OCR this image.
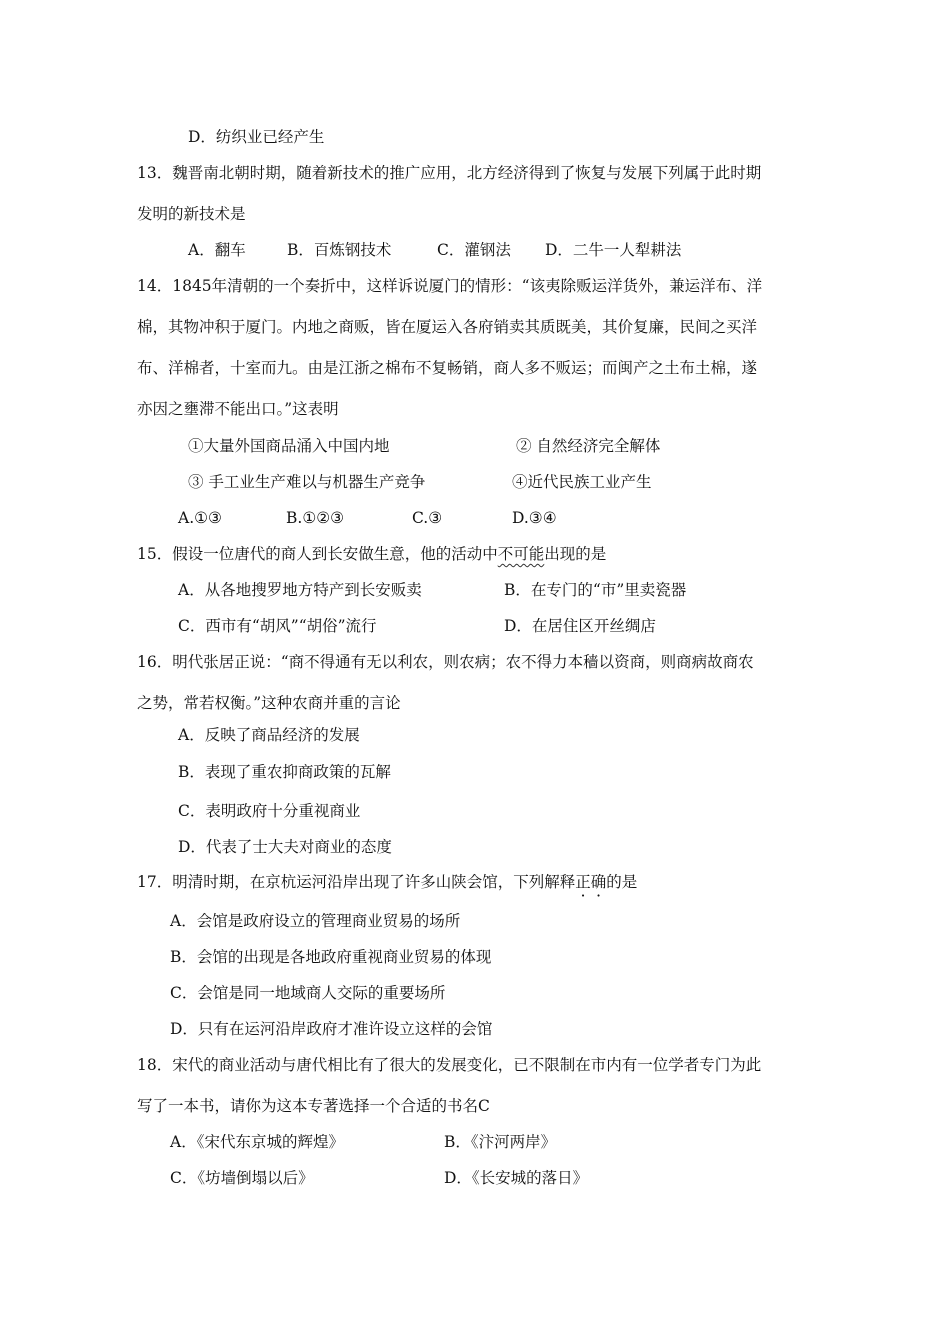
D．纺织业已经产生
13．魏晋南北朝时期，随着新技术的推广应用，北方经济得到了恢复与发展下列属于此时期
发明的新技术是
A．翻车	B．百炼钢技术	C．灌钢法 D．二牛一人犁耕法
14．1845年清朝的一个奏折中，这样诉说厦门的情形：“该夷除贩运洋货外，兼运洋布、洋
棉，其物冲积于厦门。内地之商贩，皆在厦运入各府销卖其质既美，其价复廉，民间之买洋
布、洋棉者，十室而九。由是江浙之棉布不复畅销，商人多不贩运；而闽产之土布土棉，遂
亦因之壅滞不能出口。”这表明
①大量外国商品涌入中国内地	② 自然经济完全解体
③ 手工业生产难以与机器生产竞争	④近代民族工业产生
A.①③	B.①②③	C.③	D.③④
15．假设一位唐代的商人到长安做生意，他的活动中不可能出现的是
A．从各地搜罗地方特产到长安贩卖	B．在专门的“市”里卖瓷器
C．西市有“胡风”“胡俗”流行	D．在居住区开丝绸店
16．明代张居正说：“商不得通有无以利农，则农病；农不得力本穑以资商，则商病故商农
之势，常若权衡。”这种农商并重的言论
A．反映了商品经济的发展
B．表现了重农抑商政策的瓦解
C．表明政府十分重视商业
D．代表了士大夫对商业的态度
17．明清时期，在京杭运河沿岸出现了许多山陕会馆，下列解释正确的是
A．会馆是政府设立的管理商业贸易的场所
B．会馆的出现是各地政府重视商业贸易的体现
C．会馆是同一地域商人交际的重要场所
D．只有在运河沿岸政府才准许设立这样的会馆
18．宋代的商业活动与唐代相比有了很大的发展变化，已不限制在市内有一位学者专门为此
写了一本书，请你为这本专著选择一个合适的书名C
A．《宋代东京城的辉煌》	B．《汴河两岸》
C．《坊墙倒塌以后》	D．《长安城的落日》
